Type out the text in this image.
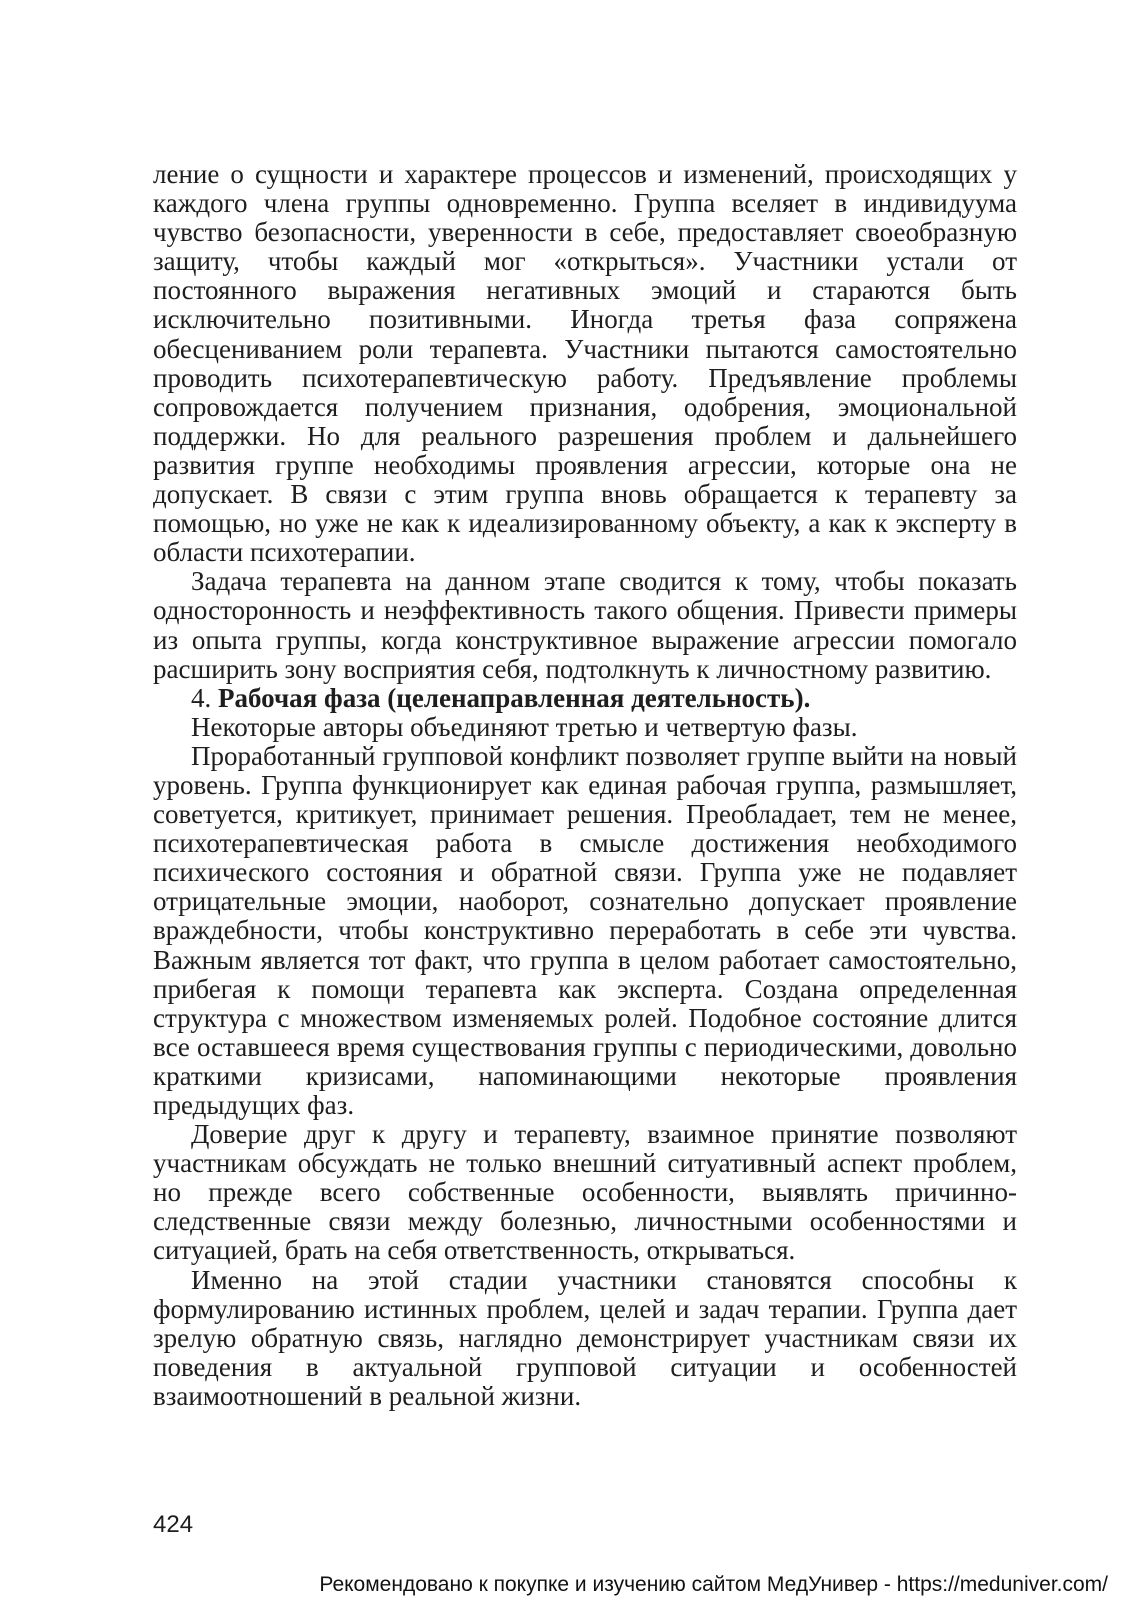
ление о сущности и характере процессов и изменений, происходящих у каждого члена группы одновременно. Группа вселяет в индивидуума чувство безопасности, уверенности в себе, предоставляет своеобразную защиту, чтобы каждый мог «открыться». Участники устали от постоянного выражения негативных эмоций и стараются быть исключительно позитивными. Иногда третья фаза сопряжена обесцениванием роли терапевта. Участники пытаются самостоятельно проводить психотерапевтическую работу. Предъявление проблемы сопровождается получением признания, одобрения, эмоциональной поддержки. Но для реального разрешения проблем и дальнейшего развития группе необходимы проявления агрессии, которые она не допускает. В связи с этим группа вновь обращается к терапевту за помощью, но уже не как к идеализированному объекту, а как к эксперту в области психотерапии.

Задача терапевта на данном этапе сводится к тому, чтобы показать односторонность и неэффективность такого общения. Привести примеры из опыта группы, когда конструктивное выражение агрессии помогало расширить зону восприятия себя, подтолкнуть к личностному развитию.

4. Рабочая фаза (целенаправленная деятельность).

Некоторые авторы объединяют третью и четвертую фазы.

Проработанный групповой конфликт позволяет группе выйти на новый уровень. Группа функционирует как единая рабочая группа, размышляет, советуется, критикует, принимает решения. Преобладает, тем не менее, психотерапевтическая работа в смысле достижения необходимого психического состояния и обратной связи. Группа уже не подавляет отрицательные эмоции, наоборот, сознательно допускает проявление враждебности, чтобы конструктивно переработать в себе эти чувства. Важным является тот факт, что группа в целом работает самостоятельно, прибегая к помощи терапевта как эксперта. Создана определенная структура с множеством изменяемых ролей. Подобное состояние длится все оставшееся время существования группы с периодическими, довольно краткими кризисами, напоминающими некоторые проявления предыдущих фаз.

Доверие друг к другу и терапевту, взаимное принятие позволяют участникам обсуждать не только внешний ситуативный аспект проблем, но прежде всего собственные особенности, выявлять причинно-следственные связи между болезнью, личностными особенностями и ситуацией, брать на себя ответственность, открываться.

Именно на этой стадии участники становятся способны к формулированию истинных проблем, целей и задач терапии. Группа дает зрелую обратную связь, наглядно демонстрирует участникам связи их поведения в актуальной групповой ситуации и особенностей взаимоотношений в реальной жизни.

424
Рекомендовано к покупке и изучению сайтом МедУнивер - https://meduniver.com/
